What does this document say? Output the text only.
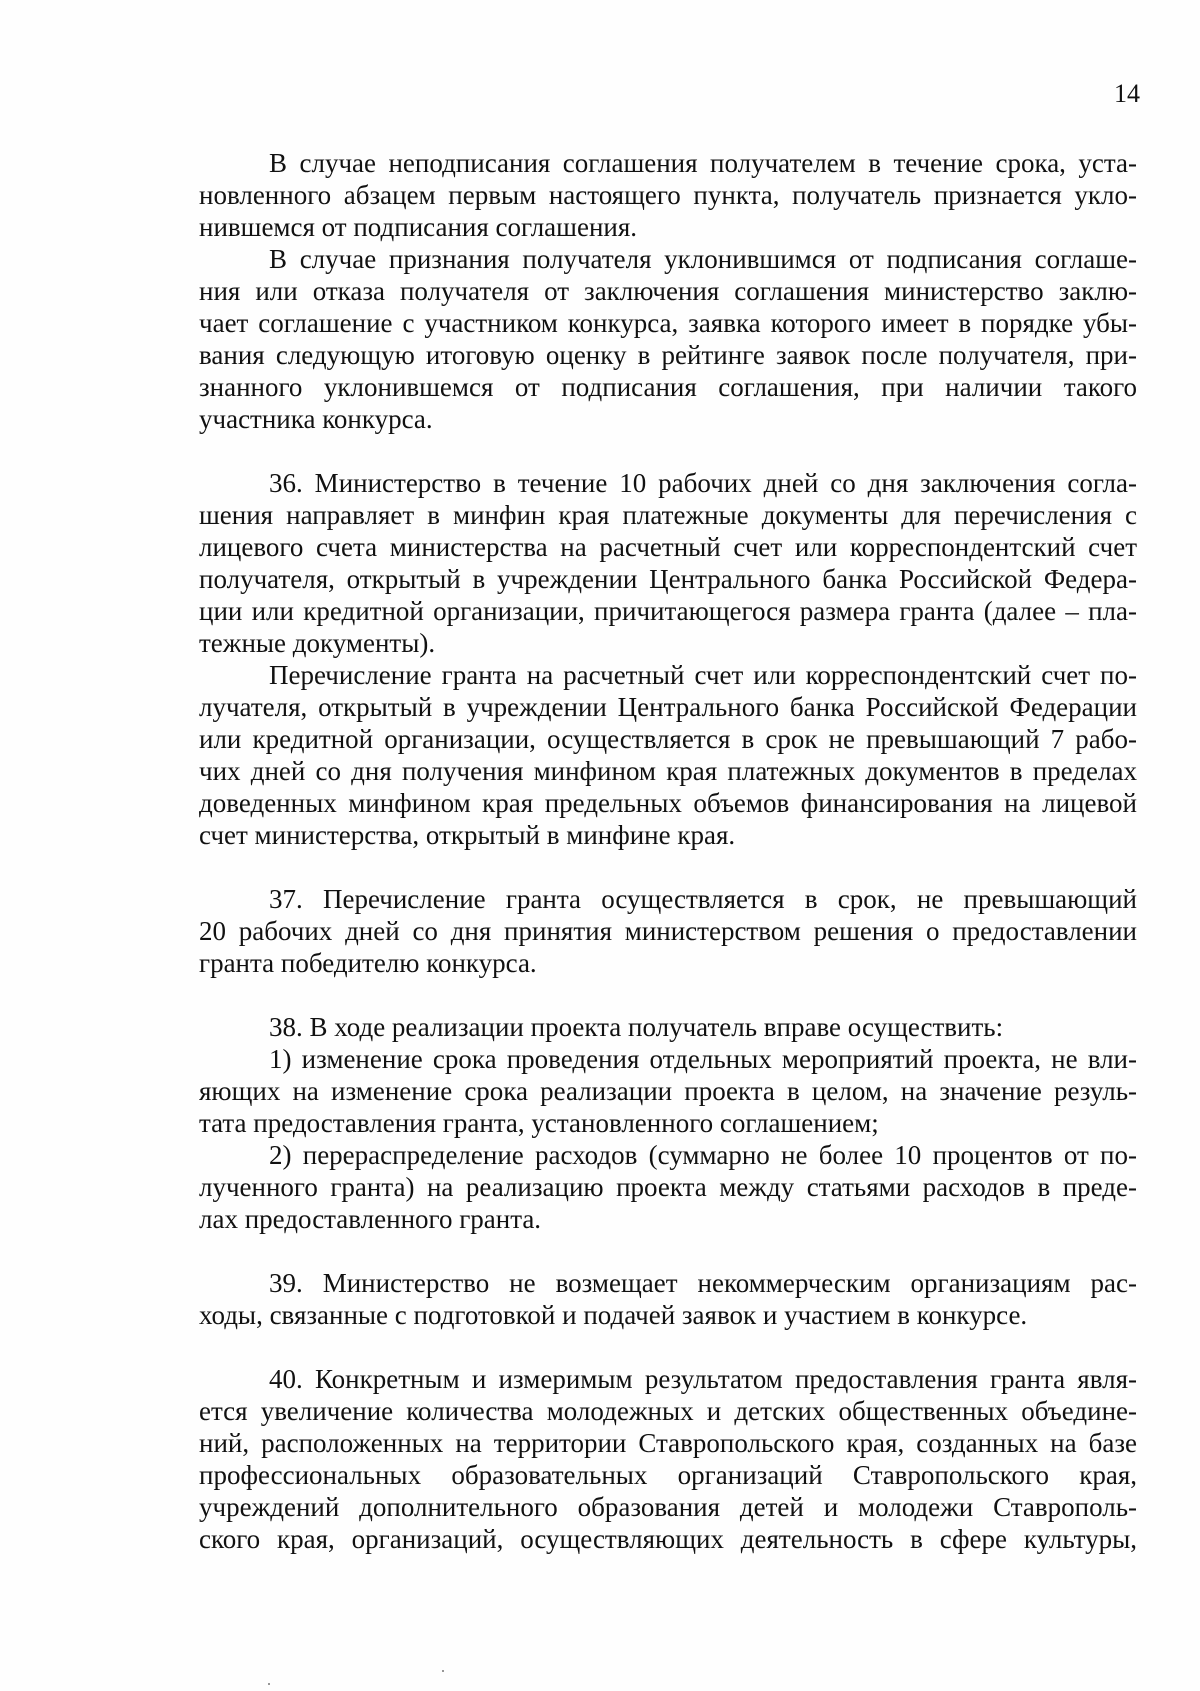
14
В случае неподписания соглашения получателем в течение срока, уста-
новленного абзацем первым настоящего пункта, получатель признается укло-
нившемся от подписания соглашения.
В случае признания получателя уклонившимся от подписания соглаше-
ния или отказа получателя от заключения соглашения министерство заклю-
чает соглашение с участником конкурса, заявка которого имеет в порядке убы-
вания следующую итоговую оценку в рейтинге заявок после получателя, при-
знанного уклонившемся от подписания соглашения, при наличии такого
участника конкурса.
36. Министерство в течение 10 рабочих дней со дня заключения согла-
шения направляет в минфин края платежные документы для перечисления с
лицевого счета министерства на расчетный счет или корреспондентский счет
получателя, открытый в учреждении Центрального банка Российской Федера-
ции или кредитной организации, причитающегося размера гранта (далее – пла-
тежные документы).
Перечисление гранта на расчетный счет или корреспондентский счет по-
лучателя, открытый в учреждении Центрального банка Российской Федерации
или кредитной организации, осуществляется в срок не превышающий 7 рабо-
чих дней со дня получения минфином края платежных документов в пределах
доведенных минфином края предельных объемов финансирования на лицевой
счет министерства, открытый в минфине края.
37. Перечисление гранта осуществляется в срок, не превышающий
20 рабочих дней со дня принятия министерством решения о предоставлении
гранта победителю конкурса.
38. В ходе реализации проекта получатель вправе осуществить:
1) изменение срока проведения отдельных мероприятий проекта, не вли-
яющих на изменение срока реализации проекта в целом, на значение резуль-
тата предоставления гранта, установленного соглашением;
2) перераспределение расходов (суммарно не более 10 процентов от по-
лученного гранта) на реализацию проекта между статьями расходов в преде-
лах предоставленного гранта.
39. Министерство не возмещает некоммерческим организациям рас-
ходы, связанные с подготовкой и подачей заявок и участием в конкурсе.
40. Конкретным и измеримым результатом предоставления гранта явля-
ется увеличение количества молодежных и детских общественных объедине-
ний, расположенных на территории Ставропольского края, созданных на базе
профессиональных образовательных организаций Ставропольского края,
учреждений дополнительного образования детей и молодежи Ставрополь-
ского края, организаций, осуществляющих деятельность в сфере культуры,
